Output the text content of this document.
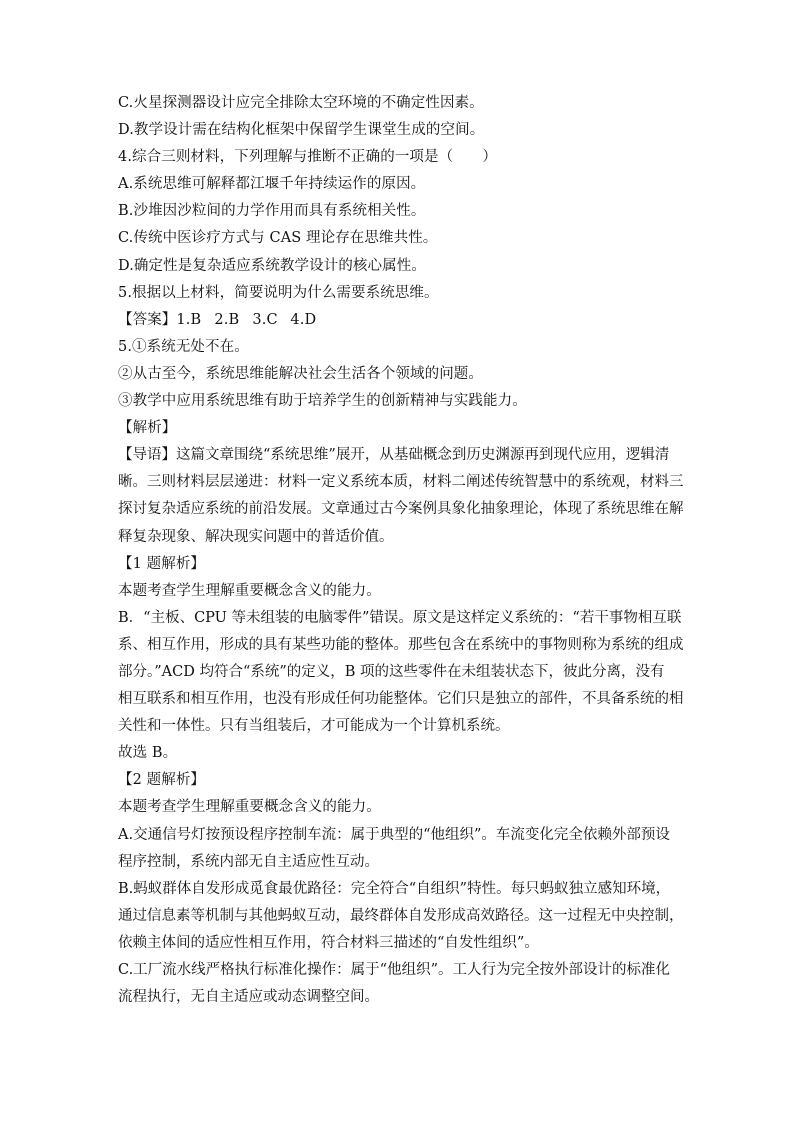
C.火星探测器设计应完全排除太空环境的不确定性因素。
D.教学设计需在结构化框架中保留学生课堂生成的空间。
4.综合三则材料，下列理解与推断不正确的一项是（　　）
A.系统思维可解释都江堰千年持续运作的原因。
B.沙堆因沙粒间的力学作用而具有系统相关性。
C.传统中医诊疗方式与 CAS 理论存在思维共性。
D.确定性是复杂适应系统教学设计的核心属性。
5.根据以上材料，简要说明为什么需要系统思维。
【答案】1.B 2.B 3.C 4.D
5.①系统无处不在。
②从古至今，系统思维能解决社会生活各个领域的问题。
③教学中应用系统思维有助于培养学生的创新精神与实践能力。
【解析】
【导语】这篇文章围绕“系统思维”展开，从基础概念到历史渊源再到现代应用，逻辑清
晰。三则材料层层递进：材料一定义系统本质，材料二阐述传统智慧中的系统观，材料三
探讨复杂适应系统的前沿发展。文章通过古今案例具象化抽象理论，体现了系统思维在解
释复杂现象、解决现实问题中的普适价值。
【1 题解析】
本题考查学生理解重要概念含义的能力。
B．“主板、CPU 等未组装的电脑零件”错误。原文是这样定义系统的：“若干事物相互联
系、相互作用，形成的具有某些功能的整体。那些包含在系统中的事物则称为系统的组成
部分。”ACD 均符合“系统”的定义，B 项的这些零件在未组装状态下，彼此分离，没有
相互联系和相互作用，也没有形成任何功能整体。它们只是独立的部件，不具备系统的相
关性和一体性。只有当组装后，才可能成为一个计算机系统。
故选 B。
【2 题解析】
本题考查学生理解重要概念含义的能力。
A.交通信号灯按预设程序控制车流：属于典型的“他组织”。车流变化完全依赖外部预设
程序控制，系统内部无自主适应性互动。
B.蚂蚁群体自发形成觅食最优路径：完全符合“自组织”特性。每只蚂蚁独立感知环境，
通过信息素等机制与其他蚂蚁互动，最终群体自发形成高效路径。这一过程无中央控制，
依赖主体间的适应性相互作用，符合材料三描述的“自发性组织”。
C.工厂流水线严格执行标准化操作：属于“他组织”。工人行为完全按外部设计的标准化
流程执行，无自主适应或动态调整空间。
